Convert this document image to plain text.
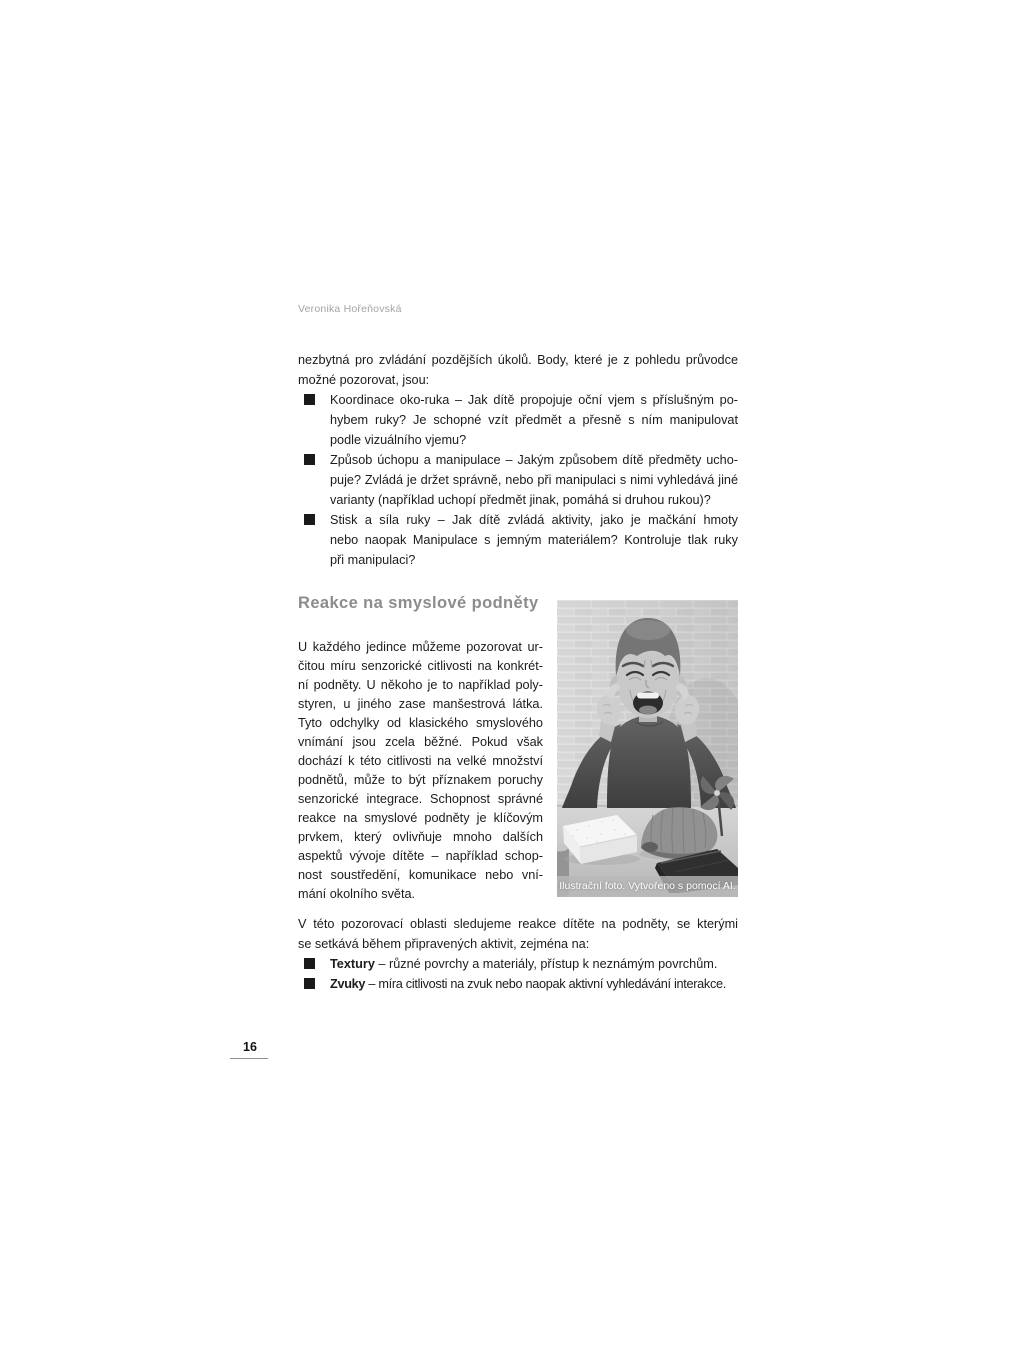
Veronika Hořeňovská
nezbytná pro zvládání pozdějších úkolů. Body, které je z pohledu průvodce
možné pozorovat, jsou:
Koordinace oko-ruka – Jak dítě propojuje oční vjem s příslušným po-
hybem ruky? Je schopné vzít předmět a přesně s ním manipulovat
podle vizuálního vjemu?
Způsob úchopu a manipulace – Jakým způsobem dítě předměty ucho-
puje? Zvládá je držet správně, nebo při manipulaci s nimi vyhledává jiné
varianty (například uchopí předmět jinak, pomáhá si druhou rukou)?
Stisk a síla ruky – Jak dítě zvládá aktivity, jako je mačkání hmoty
nebo naopak Manipulace s jemným materiálem? Kontroluje tlak ruky
při manipulaci?
Reakce na smyslové podněty
U každého jedince můžeme pozorovat ur-
čitou míru senzorické citlivosti na konkrét-
ní podněty. U někoho je to například poly-
styren, u jiného zase manšestrová látka.
Tyto odchylky od klasického smyslového
vnímání jsou zcela běžné. Pokud však
dochází k této citlivosti na velké množství
podnětů, může to být příznakem poruchy
senzorické integrace. Schopnost správné
reakce na smyslové podněty je klíčovým
prvkem, který ovlivňuje mnoho dalších
aspektů vývoje dítěte – například schop-
nost soustředění, komunikace nebo vní-
mání okolního světa.
Ilustrační foto. Vytvořeno s pomocí AI.
V této pozorovací oblasti sledujeme reakce dítěte na podněty, se kterými
se setkává během připravených aktivit, zejména na:
Textury – různé povrchy a materiály, přístup k neznámým povrchům.
Zvuky – míra citlivosti na zvuk nebo naopak aktivní vyhledávání interakce.
16
